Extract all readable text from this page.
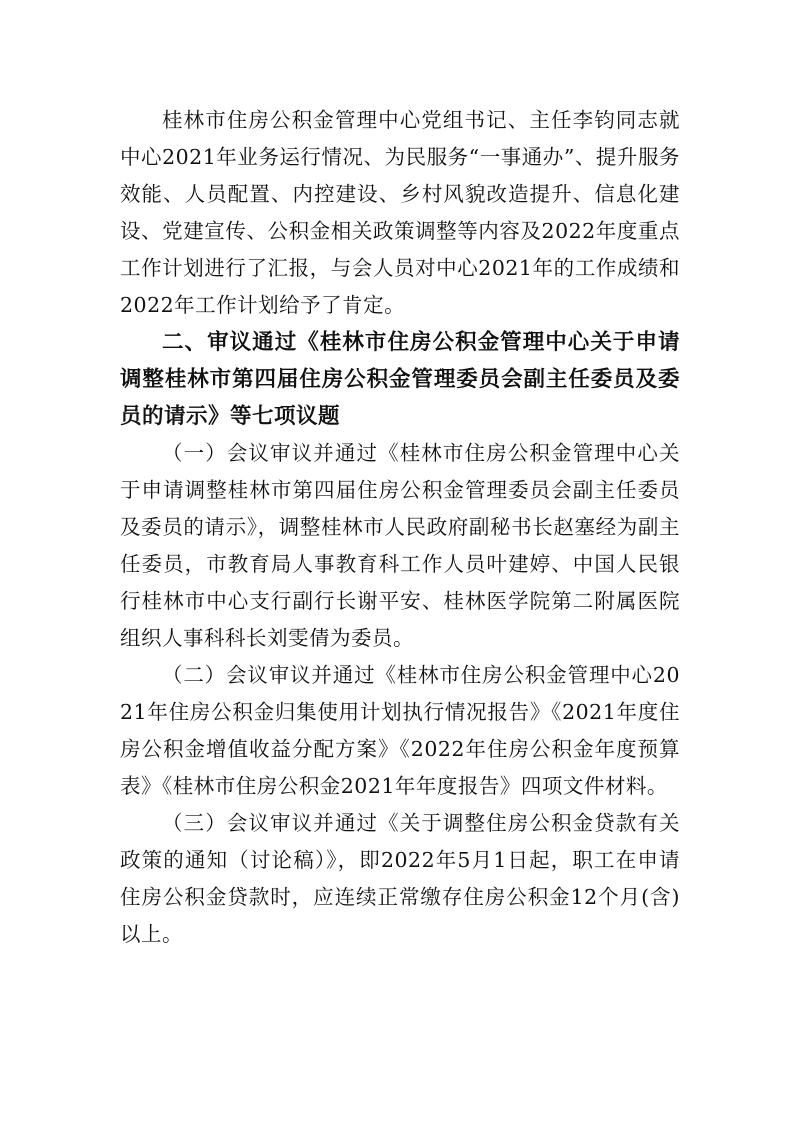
桂林市住房公积金管理中心党组书记、主任李钧同志就中心2021年业务运行情况、为民服务“一事通办”、提升服务效能、人员配置、内控建设、乡村风貌改造提升、信息化建设、党建宣传、公积金相关政策调整等内容及2022年度重点工作计划进行了汇报，与会人员对中心2021年的工作成绩和2022年工作计划给予了肯定。

二、审议通过《桂林市住房公积金管理中心关于申请调整桂林市第四届住房公积金管理委员会副主任委员及委员的请示》等七项议题

（一）会议审议并通过《桂林市住房公积金管理中心关于申请调整桂林市第四届住房公积金管理委员会副主任委员及委员的请示》，调整桂林市人民政府副秘书长赵塞经为副主任委员，市教育局人事教育科工作人员叶建婷、中国人民银行桂林市中心支行副行长谢平安、桂林医学院第二附属医院组织人事科科长刘雯倩为委员。

（二）会议审议并通过《桂林市住房公积金管理中心2021年住房公积金归集使用计划执行情况报告》《2021年度住房公积金增值收益分配方案》《2022年住房公积金年度预算表》《桂林市住房公积金2021年年度报告》四项文件材料。

（三）会议审议并通过《关于调整住房公积金贷款有关政策的通知（讨论稿）》，即2022年5月1日起，职工在申请住房公积金贷款时，应连续正常缴存住房公积金12个月(含)以上。
